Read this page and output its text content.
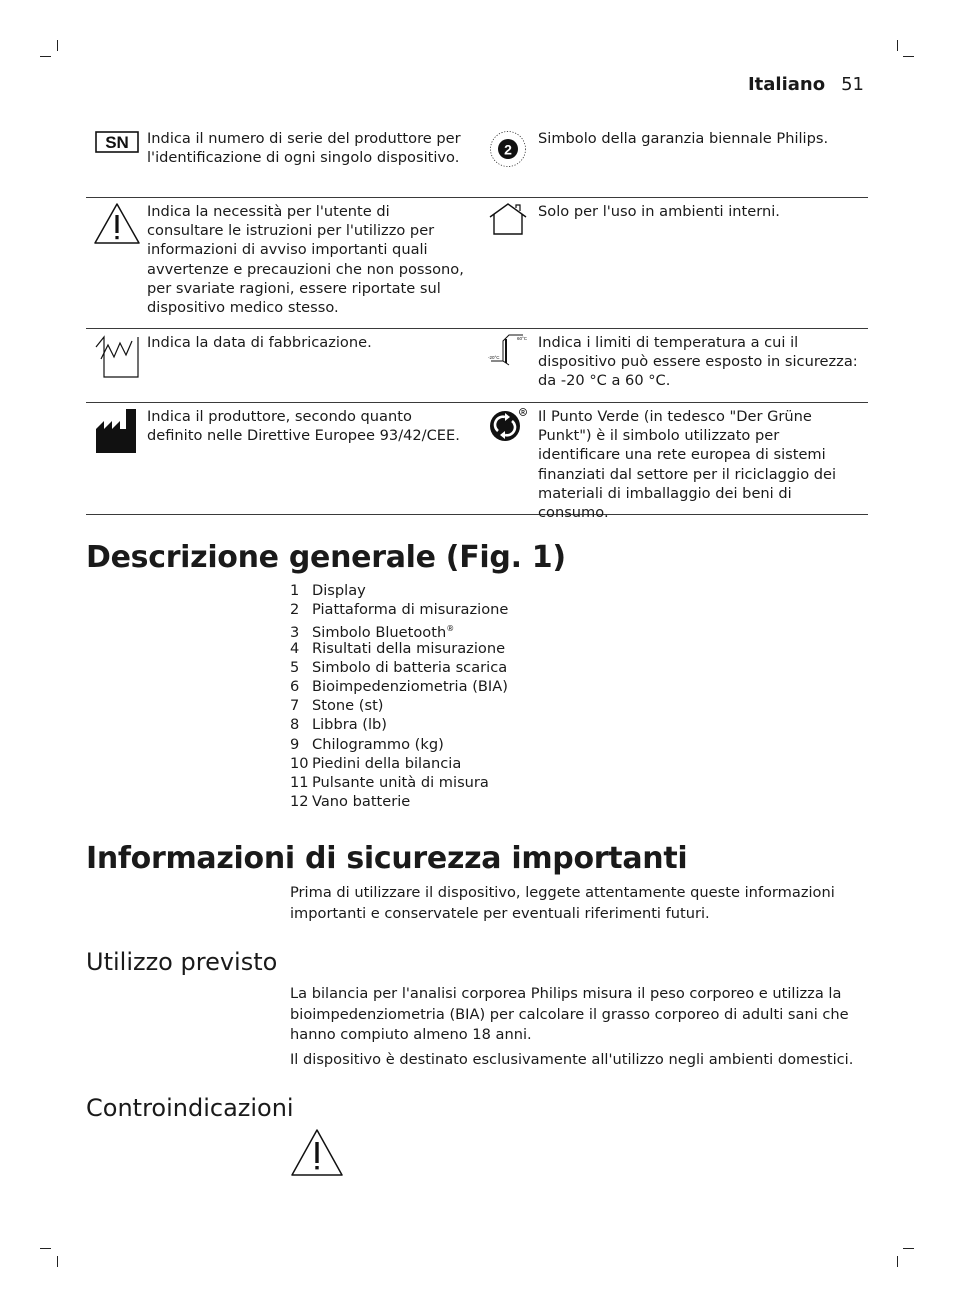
Italiano 51
SN Indica il numero di serie del produttore per l'identificazione di ogni singolo dispositivo.	2
Simbolo della garanzia biennale Philips.
Indica la necessità per l'utente di consultare le istruzioni per l'utilizzo per informazioni di avviso importanti quali avvertenze e precauzioni che non possono, per svariate ragioni, essere riportate sul dispositivo medico stesso.
Solo per l'uso in ambienti interni.
Indica la data di fabbricazione.	60°C
-20°C
Indica i limiti di temperatura a cui il dispositivo può essere esposto in sicurezza: da -20 °C a 60 °C.
Indica il produttore, secondo quanto definito nelle Direttive Europee 93/42/CEE.
R Il Punto Verde (in tedesco "Der Grüne Punkt") è il simbolo utilizzato per identificare una rete europea di sistemi finanziati dal settore per il riciclaggio dei materiali di imballaggio dei beni di consumo.
Descrizione generale (Fig. 1)
1 Display
2 Piattaforma di misurazione
3 Simbolo Bluetooth®
4 Risultati della misurazione
5 Simbolo di batteria scarica
6 Bioimpedenziometria (BIA)
7 Stone (st)
8 Libbra (lb)
9 Chilogrammo (kg)
10 Piedini della bilancia
11 Pulsante unità di misura
12 Vano batterie
Informazioni di sicurezza importanti

Prima di utilizzare il dispositivo, leggete attentamente queste informazioni importanti e conservatele per eventuali riferimenti futuri.

Utilizzo previsto

La bilancia per l'analisi corporea Philips misura il peso corporeo e utilizza la bioimpedenziometria (BIA) per calcolare il grasso corporeo di adulti sani che hanno compiuto almeno 18 anni.

Il dispositivo è destinato esclusivamente all'utilizzo negli ambienti domestici.

Controindicazioni
